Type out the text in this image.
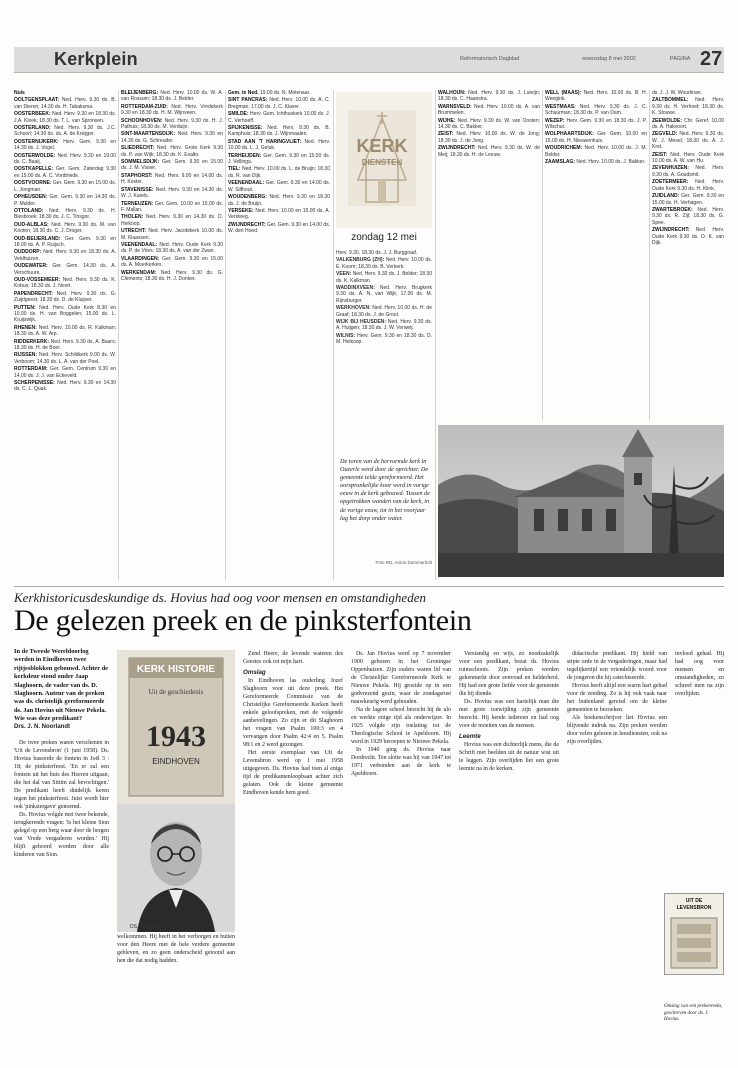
Kerkplein	Reformatorisch Dagblad	woensdag 8 mei 2002	PAGINA 27

Nuis

OOLTGENSPLAAT: Ned. Herv. 9.30 ds. B. van Dieren; 14.30 ds. H. Tabaksma.

OOSTERBEEK: Ned. Herv. 9.30 en 18.30 ds. J.A. Kloek; 18.30 ds. T. L. van Spronsen.

OOSTERLAND: Ned. Herv. 9.30 ds. J.C. Schoorl; 14.30 ds. ds. A. de Kreijger.

OOSTERNIJKERK: Herv. Gem. 9.30 en 14.30 ds. J. Vogel.

OOSTERWOLDE: Ned. Herv. 9.30 en 19.00 ds. C. Baaij.

OOSTKAPELLE: Ger. Gem. Zaterdag 9.30 en 15.00 ds. A. C. Vordtriede.

OOSTVOORNE: Ger. Gem. 9.30 en 15.00 ds. L. Jongman.

OPHEUSDEN: Ger. Gem. 9.30 en 14.30 ds. P. Mulder.

OTTOLAND: Ned. Herv. 9.30 ds. H. Biesbroek; 18.30 ds. J. C. Tinsgor.

OUD-ALBLAS: Ned. Herv. 9.30 ds. M. van Kooten; 18.30 ds. C. J. Droger.

OUD-BEIJERLAND: Ger. Gem. 9.30 en 18.00 ds. A. P. Ruijsch.

OUDDORP: Ned. Herv. 9.30 en 18.30 ds. A. Veldhuizen.

OUDEWATER: Ger. Gem. 14.30 ds. A. Verschuure.

OUD-VOSSEMEER: Ned. Herv. 9.30 ds. K. Kobus; 18.30 ds. J. Noort.

PAPENDRECHT: Ned. Herv. 9.30 ds. G. Zuijdgeest; 18.30 ds. D. de Kluijver.

PUTTEN: Ned. Herv. Oude Kerk 8.30 en 10.00 ds. H. van Boggelen; 15.00 ds. L. Kruijswijk.

RHENEN: Ned. Herv. 10.00 ds. R. Kalkman; 18.30 ds. A. W. Arp.

RIDDERKERK: Ned. Herv. 9.30 ds. A. Baars; 18.30 ds. H. de Boer.

RIJSSEN: Ned. Herv. Schildkerk 9.00 ds. W. Verboom; 14.30 ds. L. A. van der Poel.

ROTTERDAM: Ger. Gem. Centrum 9.30 en 14.00 ds. J. J. van Eckeveld.

SCHERPENISSE: Ned. Herv. 9.30 en 14.30 ds. C. L. Quak.

BLEIJENBERG: Ned. Herv. 10.00 ds. W. A. van Rossum; 18.30 ds. J. Belder.

ROTTERDAM-ZUID: Ned. Herv. Vredekerk 9.30 en 18.30 ds. H. M. Wijnveen.

SCHOONHOVEN: Ned. Herv. 9.30 ds. H. J. Pathuis; 18.30 ds. M. Verduijn.

SINT-MAARTENSDIJK: Ned. Herv. 9.30 en 14.30 ds. G. Schreuder.

SLIEDRECHT: Ned. Herv. Grote Kerk 9.30 ds. P. van Wijk; 18.30 ds. K. Exalto.

SOMMELSDIJK: Ger. Gem. 9.30 en 15.00 ds. J. M. Visser.

STAPHORST: Ned. Herv. 9.00 en 14.00 ds. H. Koster.

STAVENISSE: Ned. Herv. 9.30 en 14.30 ds. W. J. Karels.

TERNEUZEN: Ger. Gem. 10.00 en 15.00 ds. F. Mallan.

THOLEN: Ned. Herv. 9.30 en 14.30 ds. D. Heikoop.

UTRECHT: Ned. Herv. Jacobikerk 10.00 ds. M. Klaassen.

VEENENDAAL: Ned. Herv. Oude Kerk 9.30 ds. P. de Vries; 18.30 ds. A. van der Zwan.

VLAARDINGEN: Ger. Gem. 9.30 en 15.00 ds. A. Moerkerken.

WERKENDAM: Ned. Herv. 9.30 ds. G. Clements; 18.30 ds. H. J. Donker.

Gem. te Ned. 19.00 ds. N. Molenaar.

SINT PANCRAS: Ned. Herv. 10.00 ds. A. C. Bregman; 17.00 ds. J. C. Klaver.

SMILDE: Herv. Gem. Ichthuskerk 10.00 ds. J. C. Verhoeff.

SPIJKENISSE: Ned. Herv. 9.30 ds. B. Kamphuis; 18.30 ds. J. Wijnmaalen.

STAD AAN 'T HARINGVLIET: Ned. Herv. 10.00 ds. L. J. Geluk.

TERHEIJDEN: Ger. Gem. 9.30 en 15.00 ds. J. Vellinga.

TIEL: Ned. Herv. 10.00 ds. L. de Bruijn; 18.30 ds. R. van Dijk.

VEENENDAAL: Ger. Gem. 9.30 en 14.00 ds. W. Silfhout.

WOUDENBERG: Ned. Herv. 9.30 en 18.30 ds. J. de Bruijn.

YERSEKE: Ned. Herv. 10.00 en 15.00 ds. A. Versteeg.

ZWIJNDRECHT: Ger. Gem. 9.30 en 14.00 ds. W. den Hoed.

KERK
DIENSTEN
zondag 12 mei

Herv. 9.30, 18.30 ds. J. J. Burggraaf.

VALKENBURG (ZH): Ned. Herv. 10.00 ds. E. Koorn; 18.30 ds. B. Verkerk.

VEEN: Ned. Herv. 9.30 ds. J. Belder; 18.30 ds. K. Kalkman.

WADDINXVEEN: Ned. Herv. Brugkerk 9.30 ds. A. N. van Wijk; 17.00 ds. M. Rijnsburger.

WERKHOVEN: Ned. Herv. 10.00 ds. H. de Graaf; 18.30 ds. J. de Groot.

WIJK BIJ HEUSDEN: Ned. Herv. 9.30 ds. A. Huijgen; 18.30 ds. J. W. Verweij.

WILNIS: Herv. Gem. 9.30 en 18.30 ds. D. M. Heikoop.

WALHOUN: Ned. Herv. 9.30 ds. J. Luteijn; 18.30 ds. C. Haanstra.

WARNSVELD: Ned. Herv. 10.00 ds. A. van Brummelen.

WIJHE: Ned. Herv. 9.30 ds. W. van Oosten; 14.30 ds. C. Bakker.

ZEIST: Ned. Herv. 10.00 ds. W. de Jong; 18.30 ds. J. de Jong.

ZWIJNDRECHT: Ned. Herv. 9.30 ds. W. de Meij; 18.30 ds. H. de Leeuw.

WELL (MAAS): Ned. Herv. 10.00 ds. B. H. Weegink.

WESTMAAS: Ned. Herv. 9.30 ds. J. C. Schuurman; 18.30 ds. P. van Dam.

WEZEP: Herv. Gem. 9.30 en 18.30 ds. J. P. Wilschut.

WOLPHAARTSDIJK: Ger. Gem. 10.00 en 15.00 ds. H. Nieuwenhuis.

WOUDRICHEM: Ned. Herv. 10.00 ds. J. M. Belder.

ZAAMSLAG: Ned. Herv. 10.00 ds. J. Bakker.

ds. J. J. W. Woudman.

ZALTBOMMEL: Ned. Herv. 9.30 ds. H. Verhoef; 18.30 ds. K. Stouwe.

ZEEWOLDE: Chr. Geref. 10.00 ds. A. Hakvoort.

ZEGVELD: Ned. Herv. 9.30 ds. W. J. Mesel; 18.30 ds. A. J. Kret.

ZEIST: Ned. Herv. Oude Kerk 10.00 ds. A. W. van Hu.

ZEVENHUIZEN: Ned. Herv. 9.30 ds. A. Goudsmit.

ZOETERMEER: Ned. Herv. Oude Kerk 9.30 ds. H. Klink.

ZUIDLAND: Ger. Gem. 9.30 en 15.00 ds. H. Verhagen.

ZWARTEBROEK: Ned. Herv. 9.30 ds. R. Zijl; 18.30 ds. G. Spee.

ZWIJNDRECHT: Ned. Herv. Oude Kerk 9.30 ds. D. K. van Dijk.

De toren van de hervormde kerk in Ouzerle werd door de oprichter. De gemeente telde gereformeerd. Het oorspronkelijke koor werd in vorige eeuw in de kerk gebouwd. Tussen de opgetrokken wanden van de kerk, in de vorige eeuw, tot in het voorjaar lag het dorp onder water.
Foto RD, Anton Dommerholt
Kerkhistoricusdeskundige ds. Hovius had oog voor mensen en omstandigheden
De gelezen preek en de pinksterfontein
In de Tweede Wereldoorlog werden in Eindhoven twee rijtjesblokken gebouwd. Achter de kerkdeur stond onder Jaap Slaghoorn, de vader van ds. D. Slaghoorn. Auteur van de preken was ds. christelijk gereformeerde ds. Jan Hovius uit Nieuwe Pekela. Wie was deze predikant?
Drs. J. N. Noorlandt

De twee preken waren verschenen in 'Uit de Levensbron' (1 juni 1958). Ds. Hovius baseerde de fontein in Joël 3 : 18; de pinksterfeest. 'En er zal een fontein uit het huis des Heeren uitgaan, die het dal van Sittim zal bevochtigen.' De predikant heeft duidelijk keren tegen het pinksterfeest. Juist wordt hier ook 'pinkstergave' genoemd.

Ds. Hovius volgde met twee bekende, terugkerende vragen: 'Is het kleine Sion gelegd op een berg waar door de bergen van Vrede vergaderen worden.' Hij blijft gehoord worden door alle kinderen van Sion.

KERK HISTORIE
Uit de geschiedenis
1943
EINDHOVEN
DS. HOVIUS

welkommen. Hij heeft in het verborgen en buiten voor den Heere met de hele verdere gemeente gebleven, en zo geen onderscheid getoond aan hen die dat nodig hadden.

Zend Heere, de levende wateren des Geestes ook tot mijn hart.

Omslag

In Eindhoven las ouderling Jozef Slaghoorn voor uit deze preek. Het Gereformeerde Commissie van de Christelijke Gereformeerde Kerken heeft enkele geloofspreken, met de volgende aanbevelingen. Zo zijn er dit Slaghoorn het vragen van Psalm 100:3 en 4 vervangen door Psalm 42:4 en 5. Psalm 98:1 en 2 werd gezongen.

Het eerste exemplaar van Uit de Levensbron werd op 1 mei 1958 uitgegeven. Ds. Hovius had toen al enige tijd de predikantenloopbaan achter zich gelaten. Ook de kleine gemeente Eindhoven kende hem goed.

Ds. Jan Hovius werd op 7 november 1900 geboren in het Groningse Oppenhuizen. Zijn ouders waren lid van de Christelijke Gereformeerde Kerk te Nieuwe Pekela. Hij groeide op in een godvrezend gezin, waar de zondagsrust nauwkeurig werd gehouden.

Na de lagere school bezocht hij de ulo en werkte enige tijd als onderwijzer. In 1925 volgde zijn toelating tot de Theologische School te Apeldoorn. Hij werd in 1929 beroepen te Nieuwe Pekela.

In 1940 ging ds. Hovius naar Dordrecht. Ten slotte was hij van 1947 tot 1971 verbonden aan de kerk te Apeldoorn.

Verstandig en wijs, zo noodzakelijk voor een predikant, bezat ds. Hovius ruimschoots. Zijn preken werden gekenmerkt door eenvoud en helderheid. Hij had een grote liefde voor de gemeente die hij diende.

Ds. Hovius was een hartelijk man die met grote toewijding zijn gemeente bezocht. Hij kende iedereen en had oog voor de moeiten van de mensen.

Leemte

Hovius was een dichterlijk mens, die de Schrift met beelden uit de natuur wist uit te leggen. Zijn overlijden liet een grote leemte na in de kerken.

didactische predikant. Hij hield van stipte orde in de vergaderingen, maar had tegelijkertijd een vriendelijk woord voor de jongeren die hij catechiseerde.

Hovius heeft altijd een warm hart gehad voor de zending. Zo is hij ook vaak naar het buitenland gereisd om de kleine gemeenten te bezoeken.

Als boekenschrijver liet Hovius een blijvende indruk na. Zijn preken werden door velen gelezen in leesdiensten, ook na zijn overlijden.

invloed gehad. Hij had oog voor mensen en omstandigheden, zo schreef men na zijn overlijden.

UIT DE
LEVENSBRON
Omslag van een prekenreeks, geschreven door ds. J. Hovius.
